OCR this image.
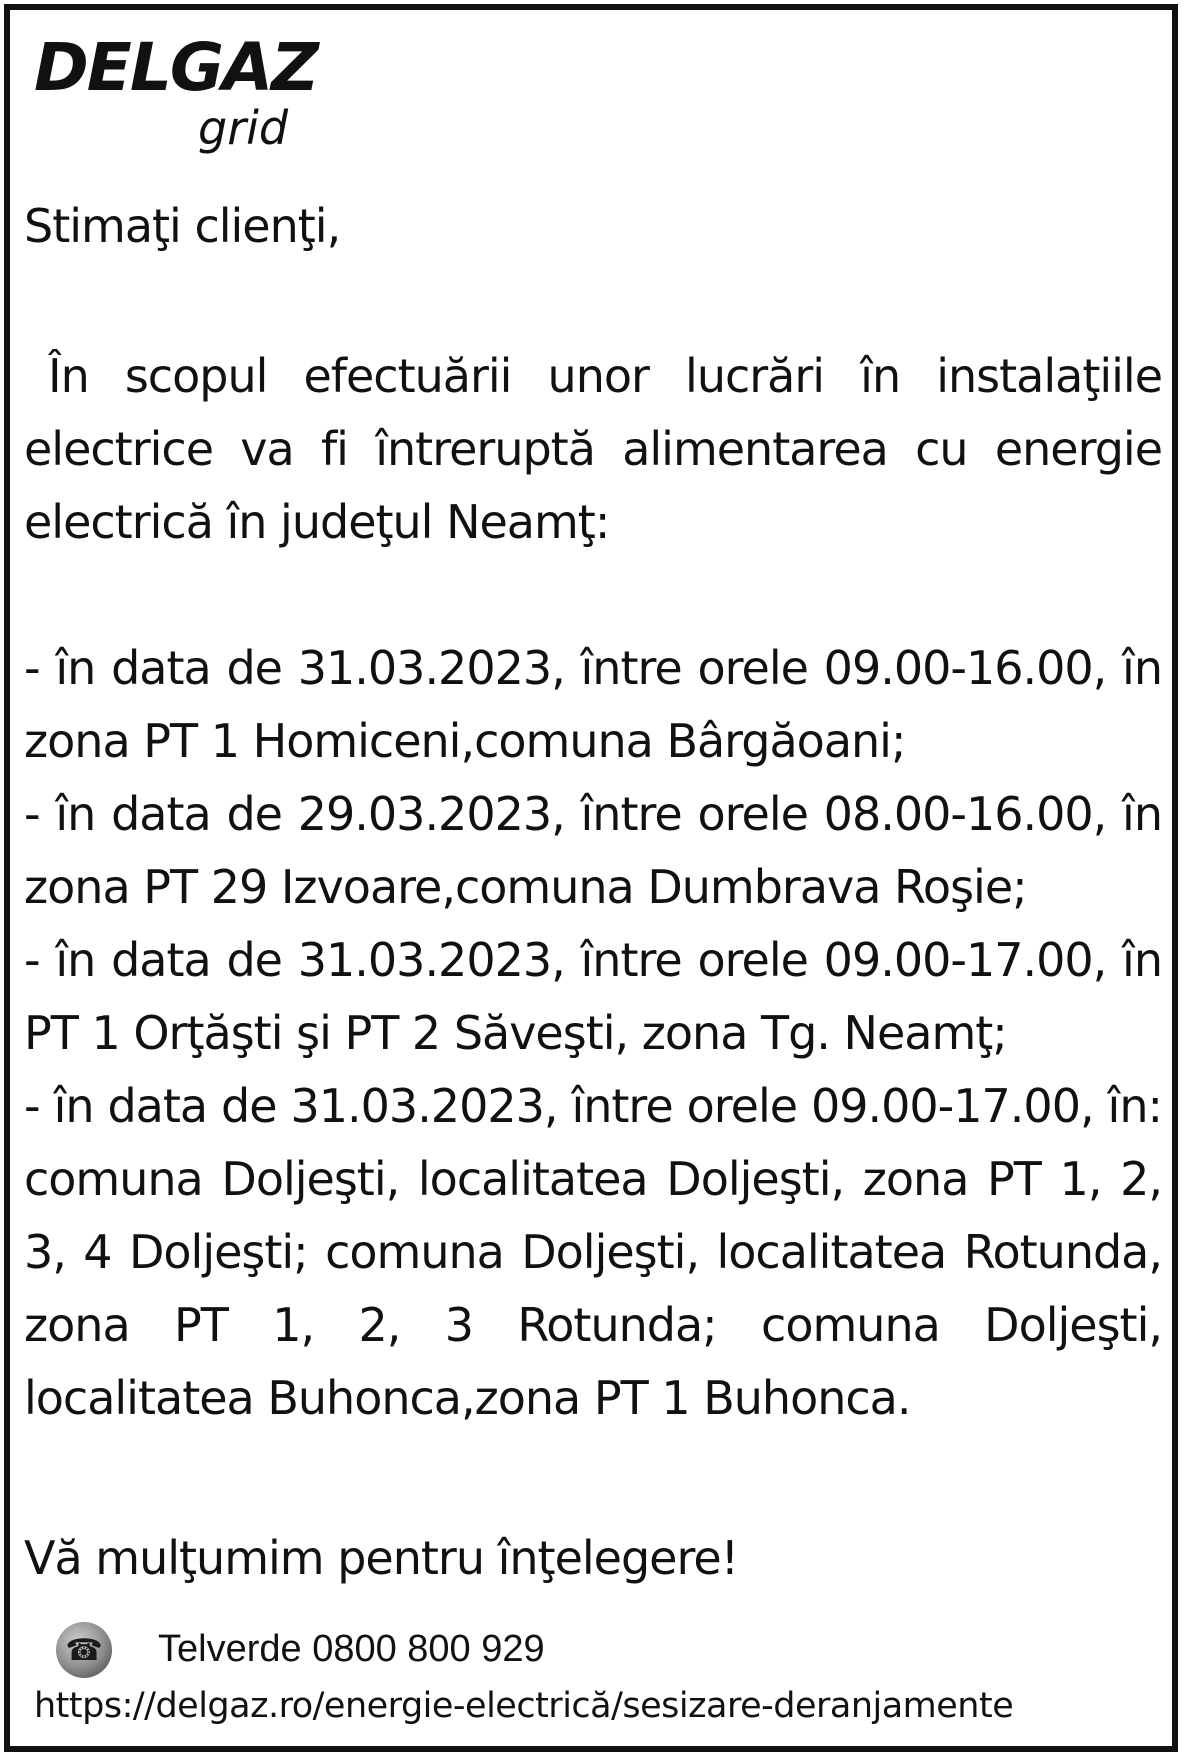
DELGAZ
grid
Stimaţi clienţi,

În scopul efectuării unor lucrări în instalaţiile electrice va fi întreruptă alimentarea cu energie electrică în judeţul Neamţ:

- în data de 31.03.2023, între orele 09.00-16.00, în zona PT 1 Homiceni,comuna Bârgăoani;

- în data de 29.03.2023, între orele 08.00-16.00, în zona PT 29 Izvoare,comuna Dumbrava Roşie;

- în data de 31.03.2023, între orele 09.00-17.00, în PT 1 Orţăşti şi PT 2 Săveşti, zona Tg. Neamţ;

- în data de 31.03.2023, între orele 09.00-17.00, în: comuna Doljeşti, localitatea Doljeşti, zona PT 1, 2, 3, 4 Doljeşti; comuna Doljeşti, localitatea Rotunda, zona PT 1, 2, 3 Rotunda; comuna Doljeşti, localitatea Buhonca,zona PT 1 Buhonca.

Vă mulţumim pentru înţelegere!
☎ Telverde 0800 800 929
https://delgaz.ro/energie-electrică/sesizare-deranjamente
